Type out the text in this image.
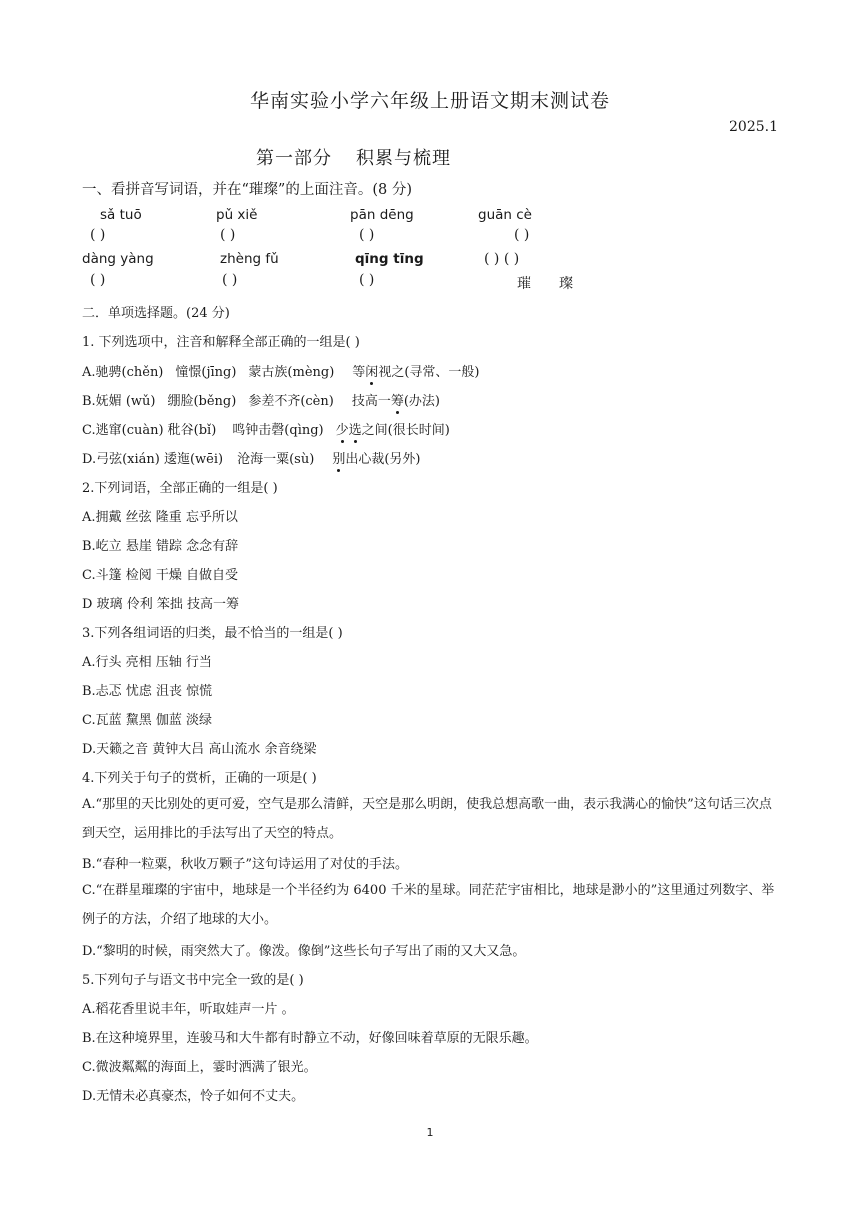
华南实验小学六年级上册语文期末测试卷
2025.1
第一部分 积累与梳理
一、看拼音写词语，并在“璀璨”的上面注音。(8 分)
sǎ tuō	pǔ xiě	pān dēng	guān cè
( )	( )	( )	( )
dàng yàng	zhèng fǔ	qīng tīng	( ) ( )
( )	( )	( )	璀 璨
二．单项选择题。(24 分)
1. 下列选项中，注音和解释全部正确的一组是( )
A.驰骋(chěn) 憧憬(jīng) 蒙古族(mèng) 等闲视之(寻常、一般)
B.妩媚 (wǔ) 绷脸(běng) 参差不齐(cèn) 技高一筹(办法)
C.逃窜(cuàn) 秕谷(bǐ) 鸣钟击磬(qìng) 少选之间(很长时间)
D.弓弦(xián) 逶迤(wēi) 沧海一粟(sù) 别出心裁(另外)
2.下列词语，全部正确的一组是( )
A.拥戴 丝弦 隆重 忘乎所以
B.屹立 悬崖 错踪 念念有辞
C.斗篷 检阅 干燥 自做自受
D 玻璃 伶利 笨拙 技高一筹
3.下列各组词语的归类，最不恰当的一组是( )
A.行头 亮相 压轴 行当
B.忐忑 忧虑 沮丧 惊慌
C.瓦蓝 黧黑 伽蓝 淡绿
D.天籁之音 黄钟大吕 高山流水 余音绕梁
4.下列关于句子的赏析，正确的一项是( )
A.“那里的天比别处的更可爱，空气是那么清鲜，天空是那么明朗，使我总想高歌一曲，表示我满心的愉快”这句话三次点到天空，运用排比的手法写出了天空的特点。
B.“春种一粒粟，秋收万颗子”这句诗运用了对仗的手法。
C.“在群星璀璨的宇宙中，地球是一个半径约为 6400 千米的星球。同茫茫宇宙相比，地球是渺小的”这里通过列数字、举例子的方法，介绍了地球的大小。
D.“黎明的时候，雨突然大了。像泼。像倒”这些长句子写出了雨的又大又急。
5.下列句子与语文书中完全一致的是( )
A.稻花香里说丰年，听取娃声一片 。
B.在这种境界里，连骏马和大牛都有时静立不动，好像回味着草原的无限乐趣。
C.微波粼粼的海面上，霎时洒满了银光。
D.无情未必真豪杰，怜子如何不丈夫。
1
